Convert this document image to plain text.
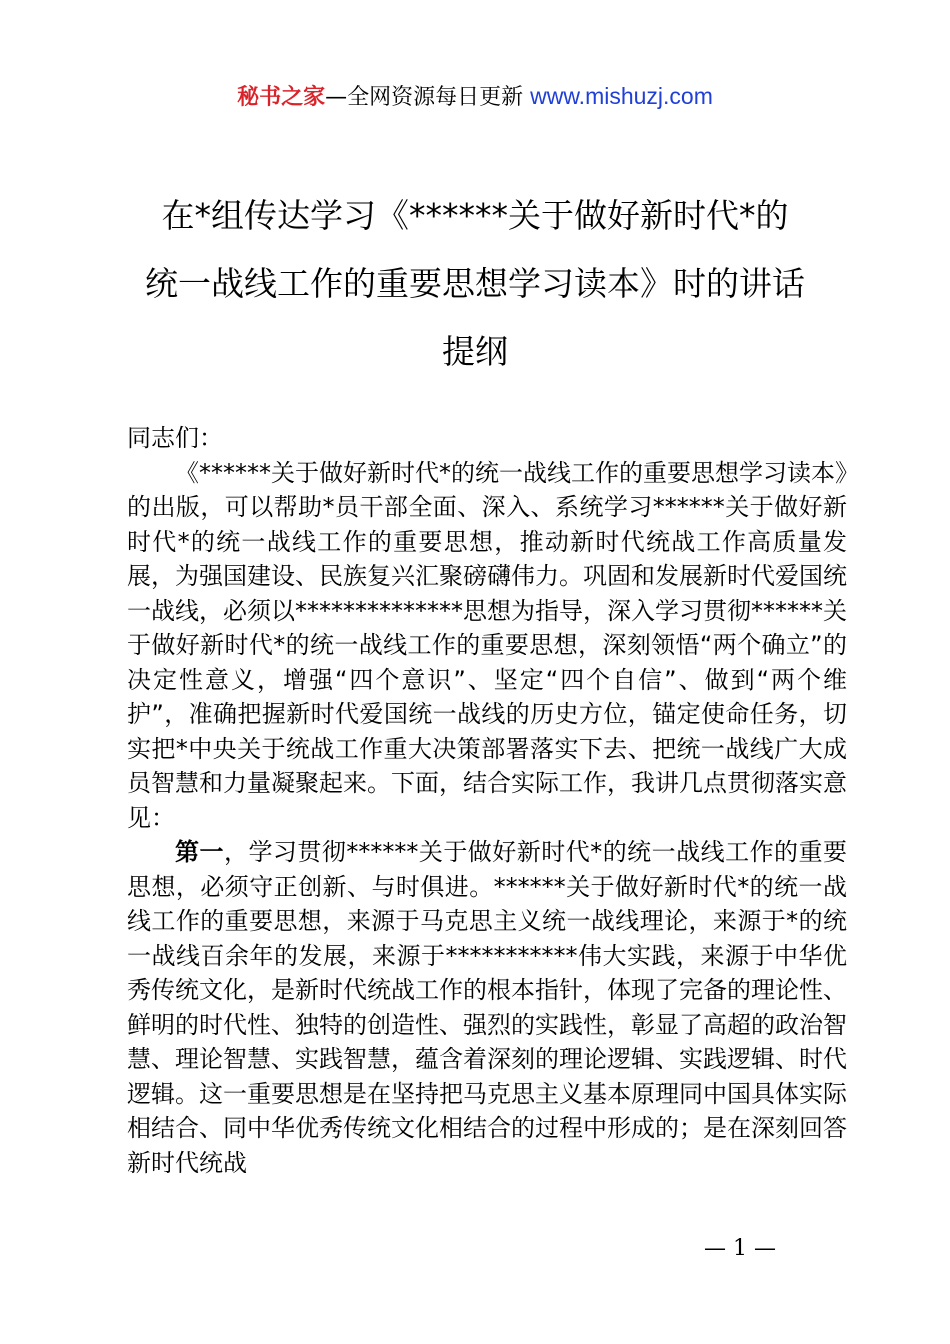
秘书之家—全网资源每日更新 www.mishuzj.com
在*组传达学习《******关于做好新时代*的
统一战线工作的重要思想学习读本》时的讲话
提纲

同志们：

《******关于做好新时代*的统一战线工作的重要思想学习读本》的出版，可以帮助*员干部全面、深入、系统学习******关于做好新时代*的统一战线工作的重要思想，推动新时代统战工作高质量发展，为强国建设、民族复兴汇聚磅礴伟力。巩固和发展新时代爱国统一战线，必须以**************思想为指导，深入学习贯彻******关于做好新时代*的统一战线工作的重要思想，深刻领悟“两个确立”的决定性意义，增强“四个意识”、坚定“四个自信”、做到“两个维护”，准确把握新时代爱国统一战线的历史方位，锚定使命任务，切实把*中央关于统战工作重大决策部署落实下去、把统一战线广大成员智慧和力量凝聚起来。下面，结合实际工作，我讲几点贯彻落实意见：

第一，学习贯彻******关于做好新时代*的统一战线工作的重要思想，必须守正创新、与时俱进。******关于做好新时代*的统一战线工作的重要思想，来源于马克思主义统一战线理论，来源于*的统一战线百余年的发展，来源于***********伟大实践，来源于中华优秀传统文化，是新时代统战工作的根本指针，体现了完备的理论性、鲜明的时代性、独特的创造性、强烈的实践性，彰显了高超的政治智慧、理论智慧、实践智慧，蕴含着深刻的理论逻辑、实践逻辑、时代逻辑。这一重要思想是在坚持把马克思主义基本原理同中国具体实际相结合、同中华优秀传统文化相结合的过程中形成的；是在深刻回答新时代统战

— 1 —
